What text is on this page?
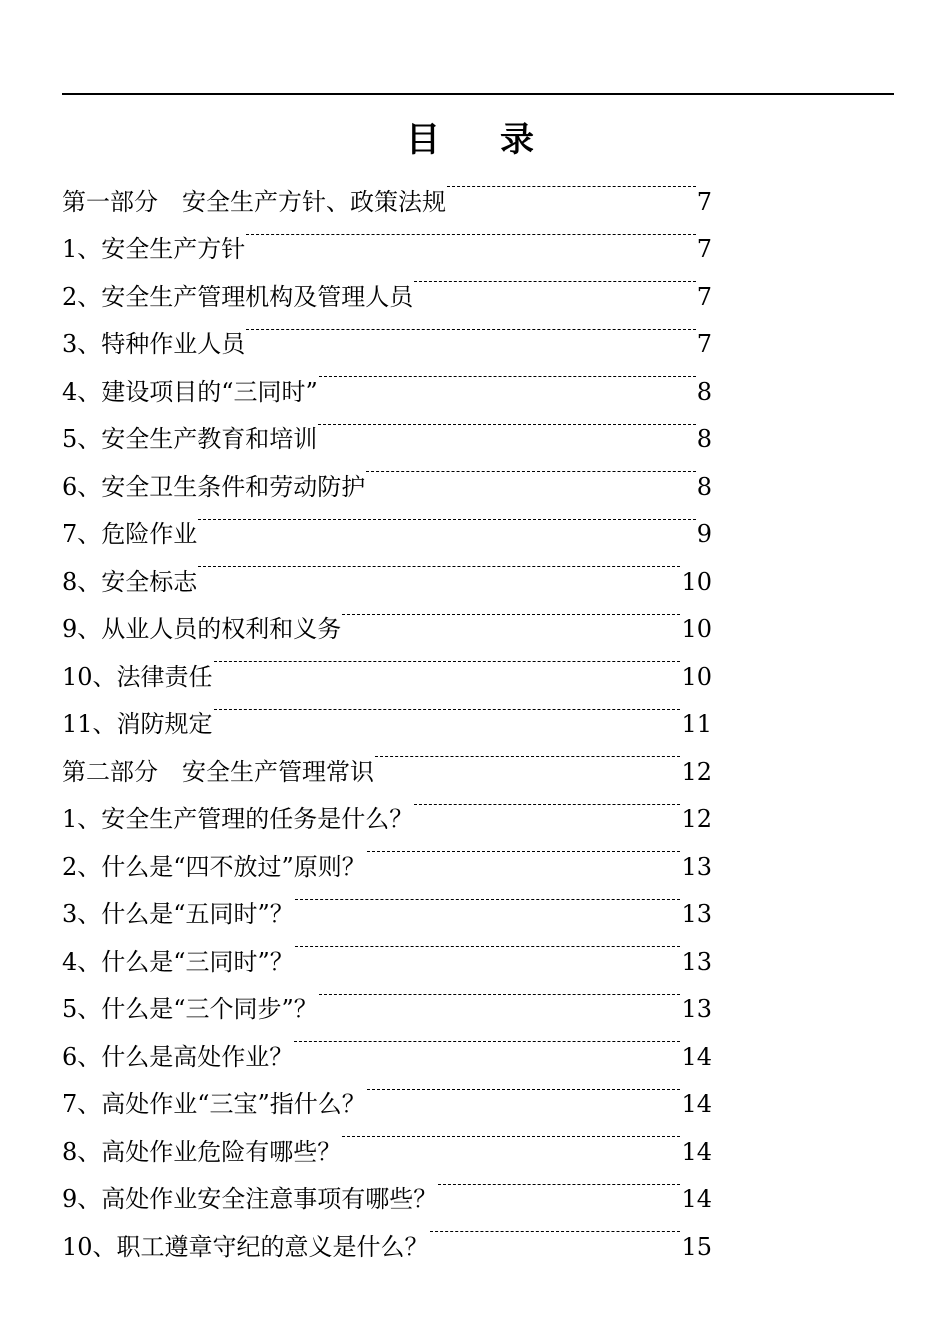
目录
第一部分　安全生产方针、政策法规	7
1、安全生产方针	7
2、安全生产管理机构及管理人员	7
3、特种作业人员	7
4、建设项目的“三同时”	8
5、安全生产教育和培训	8
6、安全卫生条件和劳动防护	8
7、危险作业	9
8、安全标志	10
9、从业人员的权利和义务	10
10、法律责任	10
11、消防规定	11
第二部分　安全生产管理常识	12
1、安全生产管理的任务是什么？	12
2、什么是“四不放过”原则？	13
3、什么是“五同时”？	13
4、什么是“三同时”？	13
5、什么是“三个同步”？	13
6、什么是高处作业？	14
7、高处作业“三宝”指什么？	14
8、高处作业危险有哪些？	14
9、高处作业安全注意事项有哪些？	14
10、职工遵章守纪的意义是什么？	15
